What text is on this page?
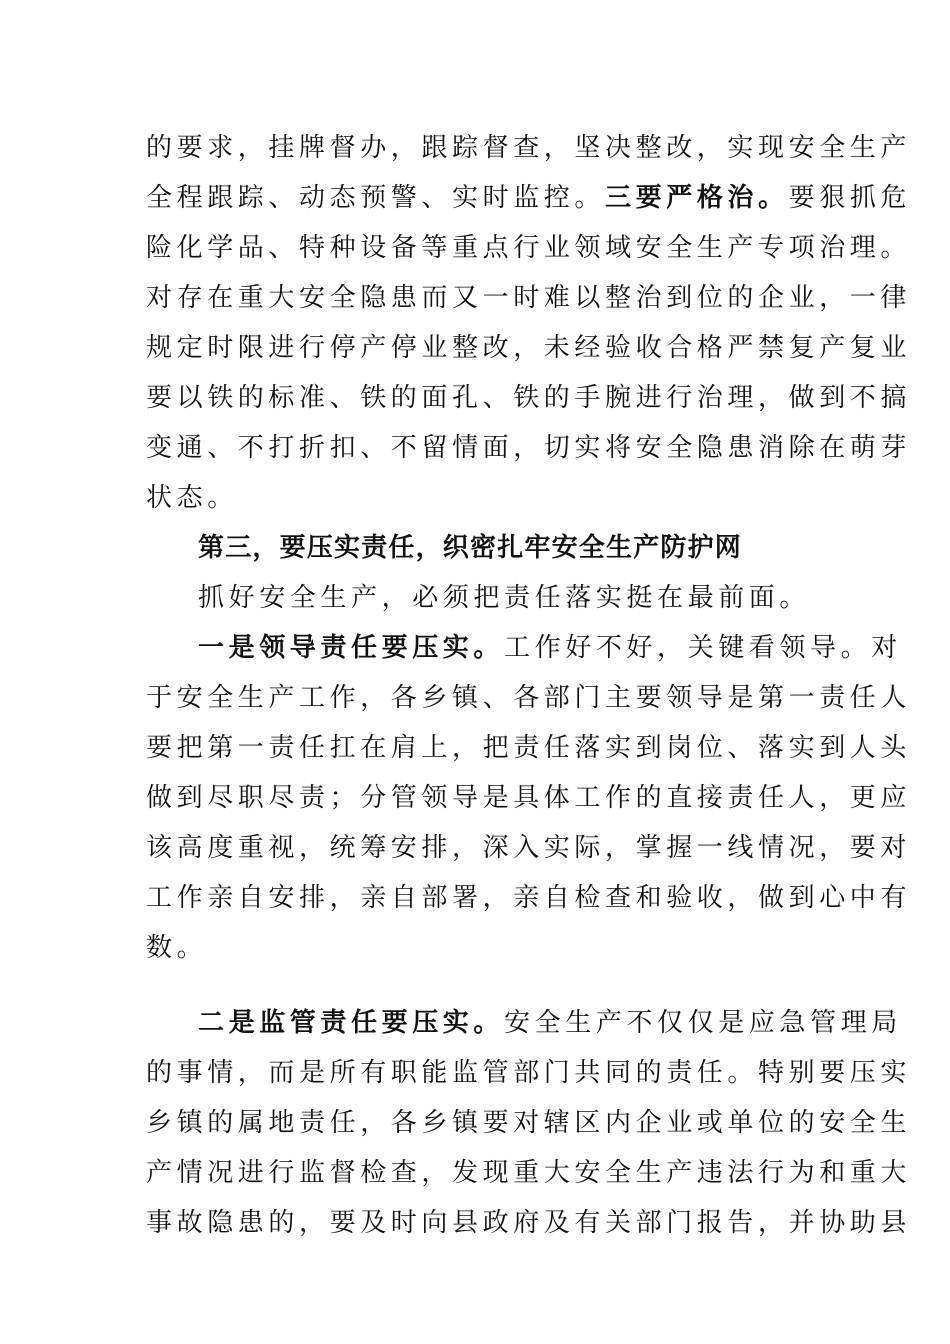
的要求，挂牌督办，跟踪督查，坚决整改，实现安全生产
全程跟踪、动态预警、实时监控。三要严格治。要狠抓危
险化学品、特种设备等重点行业领域安全生产专项治理。
对存在重大安全隐患而又一时难以整治到位的企业，一律
规定时限进行停产停业整改，未经验收合格严禁复产复业
要以铁的标准、铁的面孔、铁的手腕进行治理，做到不搞
变通、不打折扣、不留情面，切实将安全隐患消除在萌芽
状态。
第三，要压实责任，织密扎牢安全生产防护网
抓好安全生产，必须把责任落实挺在最前面。
一是领导责任要压实。工作好不好，关键看领导。对
于安全生产工作，各乡镇、各部门主要领导是第一责任人
要把第一责任扛在肩上，把责任落实到岗位、落实到人头
做到尽职尽责；分管领导是具体工作的直接责任人，更应
该高度重视，统筹安排，深入实际，掌握一线情况，要对
工作亲自安排，亲自部署，亲自检查和验收，做到心中有
数。
二是监管责任要压实。安全生产不仅仅是应急管理局
的事情，而是所有职能监管部门共同的责任。特别要压实
乡镇的属地责任，各乡镇要对辖区内企业或单位的安全生
产情况进行监督检查，发现重大安全生产违法行为和重大
事故隐患的，要及时向县政府及有关部门报告，并协助县
